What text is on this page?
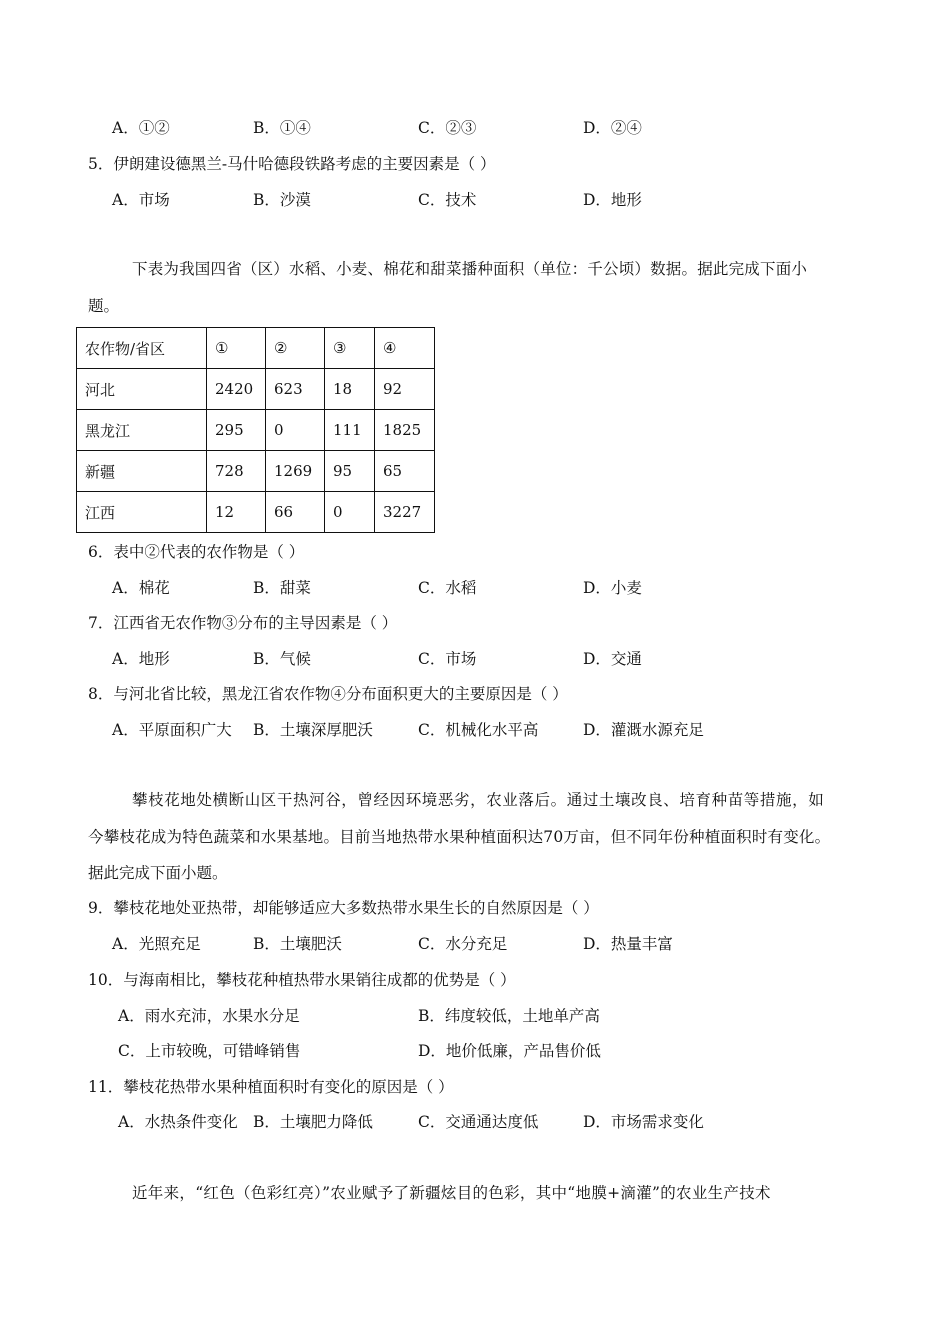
A．①②	B．①④	C．②③	D．②④
5．伊朗建设德黑兰-马什哈德段铁路考虑的主要因素是（ ）
A．市场	B．沙漠	C．技术	D．地形
下表为我国四省（区）水稻、小麦、棉花和甜菜播种面积（单位：千公顷）数据。据此完成下面小
题。
农作物/省区	①	②	③	④
河北	2420	623	18	92
黑龙江	295	0	111	1825
新疆	728	1269	95	65
江西	12	66	0	3227
6．表中②代表的农作物是（ ）
A．棉花	B．甜菜	C．水稻	D．小麦
7．江西省无农作物③分布的主导因素是（ ）
A．地形	B．气候	C．市场	D．交通
8．与河北省比较，黑龙江省农作物④分布面积更大的主要原因是（ ）
A．平原面积广大 B．土壤深厚肥沃	C．机械化水平高	D．灌溉水源充足
攀枝花地处横断山区干热河谷，曾经因环境恶劣，农业落后。通过土壤改良、培育种苗等措施，如
今攀枝花成为特色蔬菜和水果基地。目前当地热带水果种植面积达70万亩，但不同年份种植面积时有变化。
据此完成下面小题。
9．攀枝花地处亚热带，却能够适应大多数热带水果生长的自然原因是（ ）
A．光照充足	B．土壤肥沃	C．水分充足	D．热量丰富
10．与海南相比，攀枝花种植热带水果销往成都的优势是（ ）
A．雨水充沛，水果水分足	B．纬度较低，土地单产高
C．上市较晚，可错峰销售	D．地价低廉，产品售价低
11．攀枝花热带水果种植面积时有变化的原因是（ ）
A．水热条件变化 B．土壤肥力降低	C．交通通达度低	D．市场需求变化
近年来，“红色（色彩红亮）”农业赋予了新疆炫目的色彩，其中“地膜+滴灌”的农业生产技术
